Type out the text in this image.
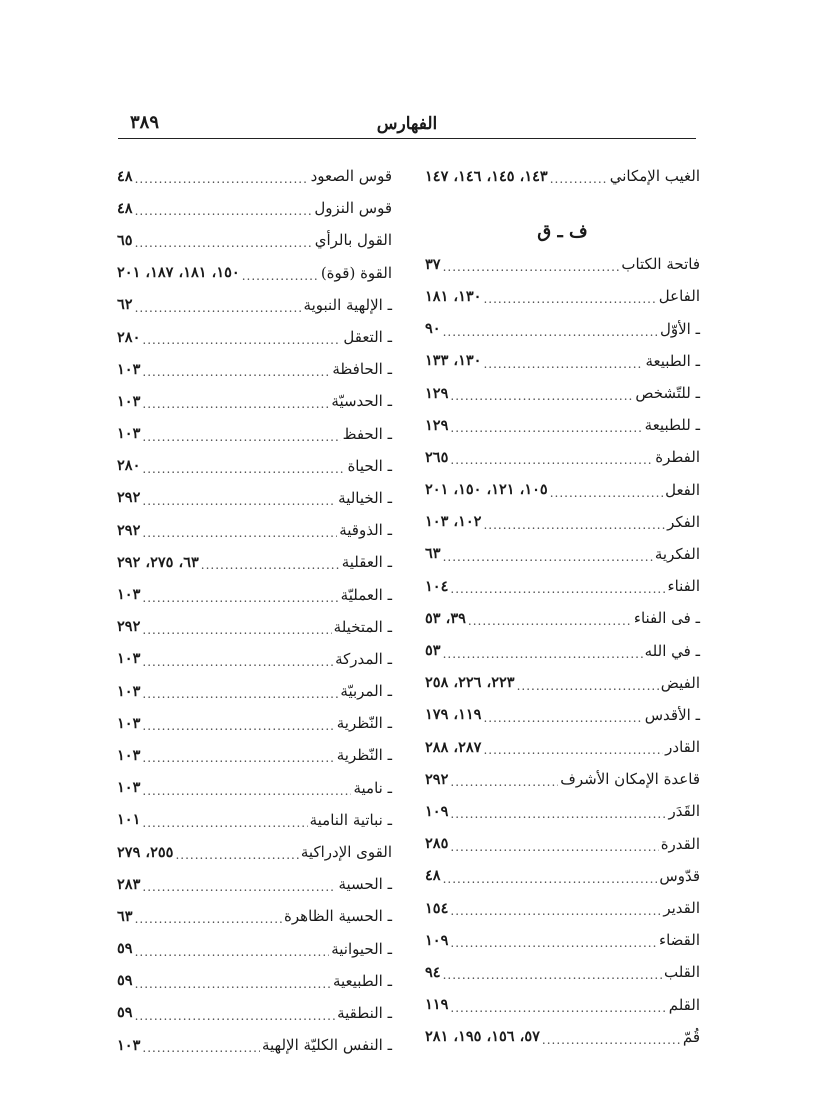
الفهارس
٣٨٩
الغيب الإمكاني
.....
١٤٣، ١٤٥، ١٤٦، ١٤٧
ف ـ ق
فاتحة الكتاب
.....
٣٧
الفاعل
.....
١٣٠، ١٨١
ـ الأوّل
.....
٩٠
ـ الطبيعة
.....
١٣٠، ١٣٣
ـ للتّشخص
.....
١٢٩
ـ للطبيعة
.....
١٢٩
الفطرة
.....
٢٦٥
الفعل
.....
١٠٥، ١٢١، ١٥٠، ٢٠١
الفكر
.....
١٠٢، ١٠٣
الفكرية
.....
٦٣
الفناء
.....
١٠٤
ـ فى الفناء
.....
٣٩، ٥٣
ـ في الله
.....
٥٣
الفيض
.....
٢٢٣، ٢٢٦، ٢٥٨
ـ الأقدس
.....
١١٩، ١٧٩
القادر
.....
٢٨٧، ٢٨٨
قاعدة الإمكان الأشرف
.....
٢٩٢
القَدَر
.....
١٠٩
القدرة
.....
٢٨٥
قدّوس
.....
٤٨
القدير
.....
١٥٤
القضاء
.....
١٠٩
القلب
.....
٩٤
القلم
.....
١١٩
قُمّ
.....
٥٧، ١٥٦، ١٩٥، ٢٨١
قوس الصعود
.....
٤٨
قوس النزول
.....
٤٨
القول بالرأي
.....
٦٥
القوة (قوة)
.....
١٥٠، ١٨١، ١٨٧، ٢٠١
ـ الإلهية النبوية
.....
٦٢
ـ التعقل
.....
٢٨٠
ـ الحافظة
.....
١٠٣
ـ الحدسيّة
.....
١٠٣
ـ الحفظ
.....
١٠٣
ـ الحياة
.....
٢٨٠
ـ الخيالية
.....
٢٩٢
ـ الذوقية
.....
٢٩٢
ـ العقلية
.....
٦٣، ٢٧٥، ٢٩٢
ـ العمليّة
.....
١٠٣
ـ المتخيلة
.....
٢٩٢
ـ المدركة
.....
١٠٣
ـ المربيّة
.....
١٠٣
ـ النّظرية
.....
١٠٣
ـ النّظرية
.....
١٠٣
ـ نامية
.....
١٠٣
ـ نباتية النامية
.....
١٠١
القوى الإدراكية
.....
٢٥٥، ٢٧٩
ـ الحسية
.....
٢٨٣
ـ الحسية الظاهرة
.....
٦٣
ـ الحيوانية
.....
٥٩
ـ الطبيعية
.....
٥٩
ـ النطقية
.....
٥٩
ـ النفس الكليّة الإلهية
.....
١٠٣
